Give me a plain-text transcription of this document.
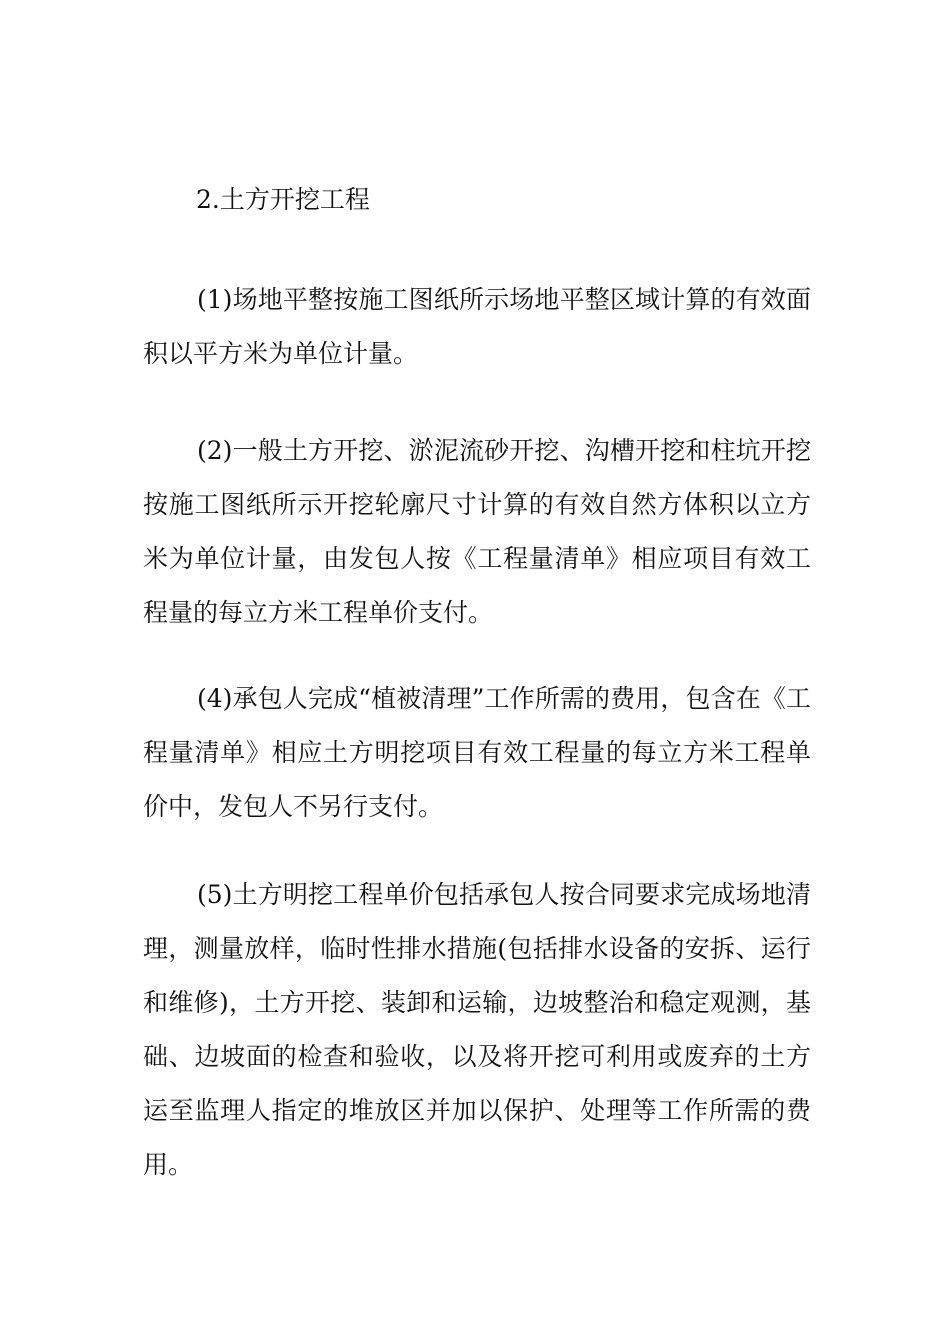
2.土方开挖工程

(1)场地平整按施工图纸所示场地平整区域计算的有效面积以平方米为单位计量。

(2)一般土方开挖、淤泥流砂开挖、沟槽开挖和柱坑开挖按施工图纸所示开挖轮廓尺寸计算的有效自然方体积以立方米为单位计量，由发包人按《工程量清单》相应项目有效工程量的每立方米工程单价支付。

(4)承包人完成“植被清理”工作所需的费用，包含在《工程量清单》相应土方明挖项目有效工程量的每立方米工程单价中，发包人不另行支付。

(5)土方明挖工程单价包括承包人按合同要求完成场地清理，测量放样，临时性排水措施(包括排水设备的安拆、运行和维修)，土方开挖、装卸和运输，边坡整治和稳定观测，基础、边坡面的检查和验收，以及将开挖可利用或废弃的土方运至监理人指定的堆放区并加以保护、处理等工作所需的费用。
